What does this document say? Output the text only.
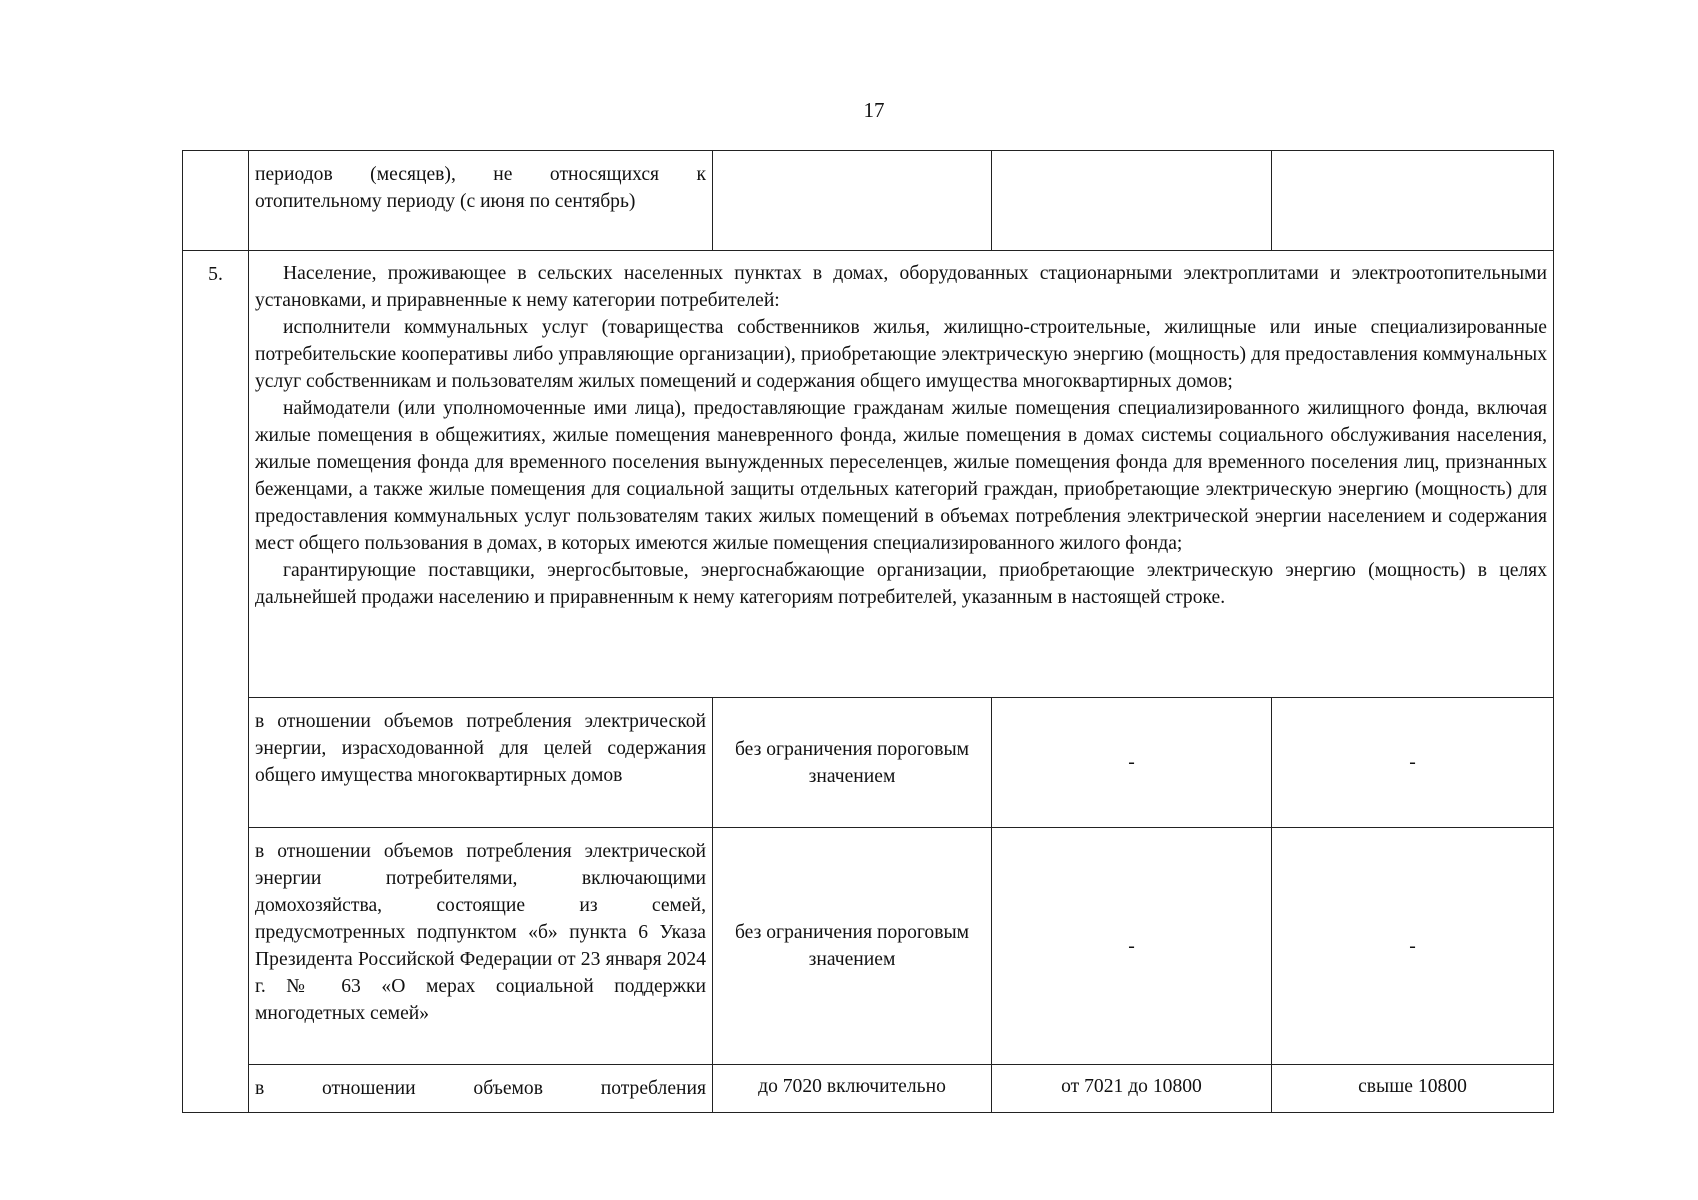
17
	периодов (месяцев), не относящихся к отопительному периоду (с июня по сентябрь)			
5.	Население, проживающее в сельских населенных пунктах в домах, оборудованных стационарными электроплитами и электроотопительными установками, и приравненные к нему категории потребителей:

исполнители коммунальных услуг (товарищества собственников жилья, жилищно-строительные, жилищные или иные специализированные потребительские кооперативы либо управляющие организации), приобретающие электрическую энергию (мощность) для предоставления коммунальных услуг собственникам и пользователям жилых помещений и содержания общего имущества многоквартирных домов;

наймодатели (или уполномоченные ими лица), предоставляющие гражданам жилые помещения специализированного жилищного фонда, включая жилые помещения в общежитиях, жилые помещения маневренного фонда, жилые помещения в домах системы социального обслуживания населения, жилые помещения фонда для временного поселения вынужденных переселенцев, жилые помещения фонда для временного поселения лиц, признанных беженцами, а также жилые помещения для социальной защиты отдельных категорий граждан, приобретающие электрическую энергию (мощность) для предоставления коммунальных услуг пользователям таких жилых помещений в объемах потребления электрической энергии населением и содержания мест общего пользования в домах, в которых имеются жилые помещения специализированного жилого фонда;

гарантирующие поставщики, энергосбытовые, энергоснабжающие организации, приобретающие электрическую энергию (мощность) в целях дальнейшей продажи населению и приравненным к нему категориям потребителей, указанным в настоящей строке.			

	в отношении объемов потребления электрической энергии, израсходованной для целей содержания общего имущества многоквартирных домов	без ограничения пороговым значением	-	-
	в отношении объемов потребления электрической энергии потребителями, включающими домохозяйства, состоящие из семей, предусмотренных подпунктом «б» пункта 6 Указа Президента Российской Федерации от 23 января 2024 г. № 63 «О мерах социальной поддержки многодетных семей»	без ограничения пороговым значением	-	-
	в отношении объемов потребления	до 7020 включительно	от 7021 до 10800	свыше 10800
